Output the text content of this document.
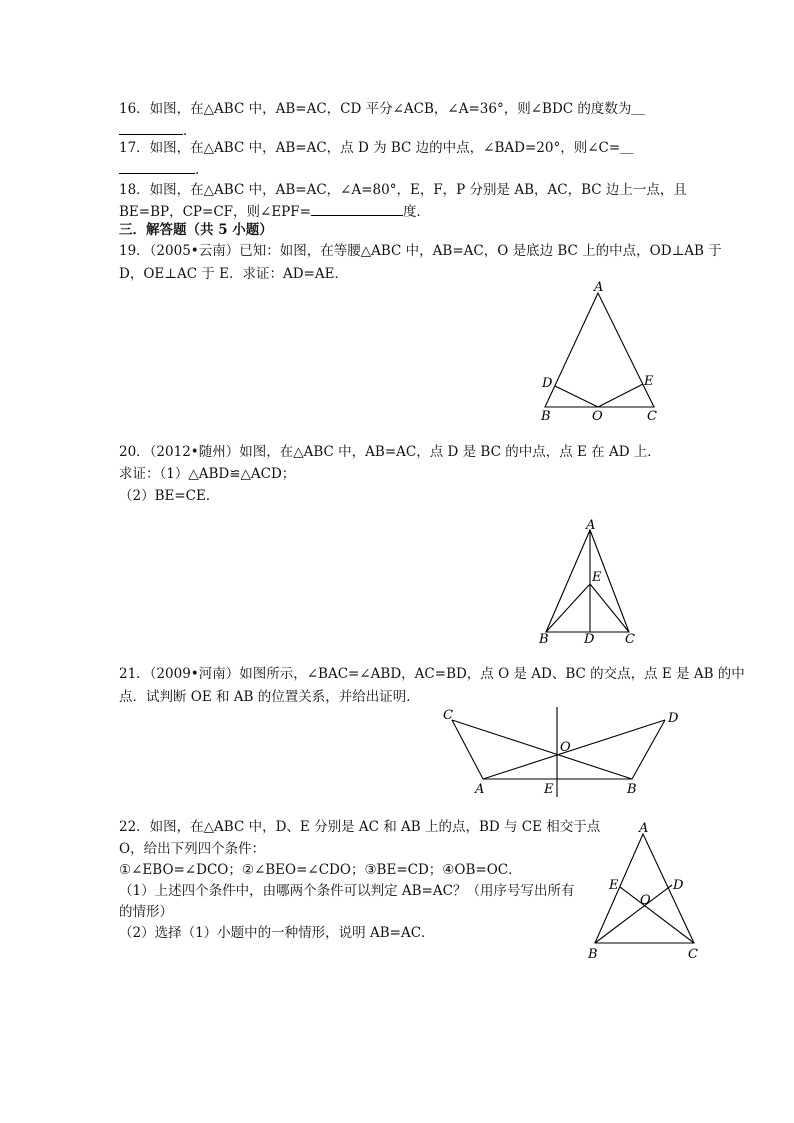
16．如图，在△ABC 中，AB=AC，CD 平分∠ACB，∠A=36°，则∠BDC 的度数为＿
．
17．如图，在△ABC 中，AB=AC，点 D 为 BC 边的中点，∠BAD=20°，则∠C=＿
．
18．如图，在△ABC 中，AB=AC，∠A=80°，E，F，P 分别是 AB，AC，BC 边上一点，且
BE=BP，CP=CF，则∠EPF=	度．
三．解答题（共 5 小题）
19．（2005•云南）已知：如图，在等腰△ABC 中，AB=AC，O 是底边 BC 上的中点，OD⊥AB 于
D，OE⊥AC 于 E．求证：AD=AE．
A
D	E
B	O	C
20．（2012•随州）如图，在△ABC 中，AB=AC，点 D 是 BC 的中点，点 E 在 AD 上．
求证：（1）△ABD≌△ACD；
（2）BE=CE．
A
E
B	D C
21．（2009•河南）如图所示，∠BAC=∠ABD，AC=BD，点 O 是 AD、BC 的交点，点 E 是 AB 的中
点．试判断 OE 和 AB 的位置关系，并给出证明．
C	D
O
A	E	B
22．如图，在△ABC 中，D、E 分别是 AC 和 AB 上的点，BD 与 CE 相交于点
O，给出下列四个条件：
①∠EBO=∠DCO；②∠BEO=∠CDO；③BE=CD；④OB=OC．
（1）上述四个条件中，由哪两个条件可以判定 AB=AC？（用序号写出所有
的情形）
（2）选择（1）小题中的一种情形，说明 AB=AC．
A
E	D
O
B	C
